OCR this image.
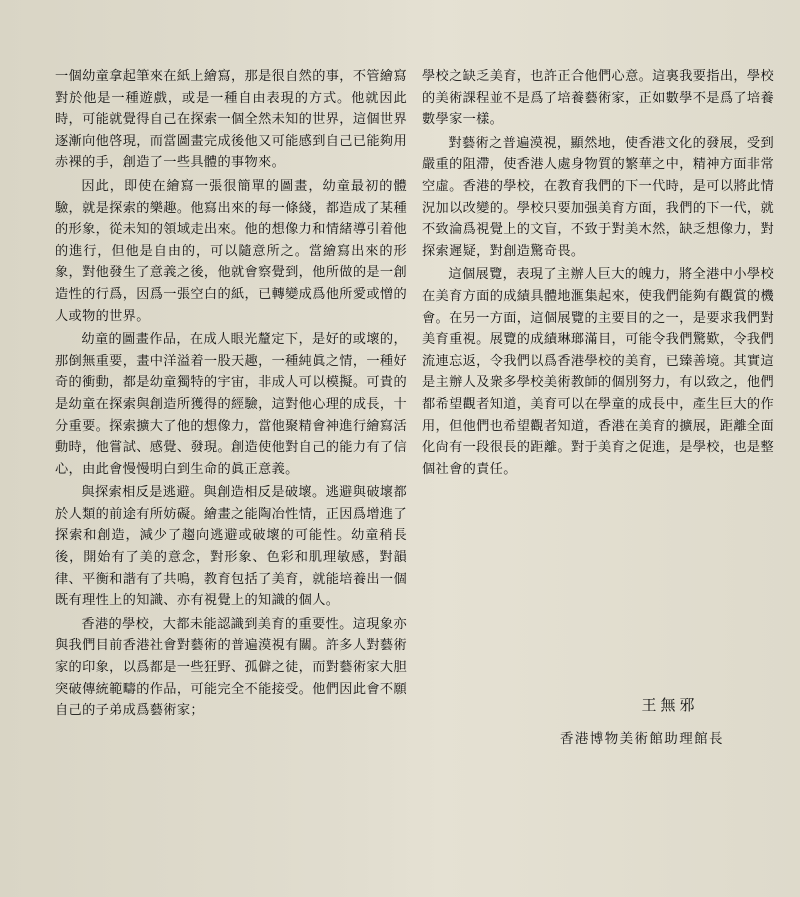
一個幼童拿起筆來在紙上繪寫，那是很自然的事，不管繪寫對於他是一種遊戲，或是一種自由表現的方式。他就因此時，可能就覺得自己在探索一個全然未知的世界，這個世界逐漸向他啓現，而當圖畫完成後他又可能感到自己已能夠用赤裸的手，創造了一些具體的事物來。

因此，即使在繪寫一張很簡單的圖畫，幼童最初的體驗，就是探索的樂趣。他寫出來的每一條綫，都造成了某種的形象，從未知的領域走出來。他的想像力和情緒導引着他的進行，但他是自由的，可以隨意所之。當繪寫出來的形象，對他發生了意義之後，他就會察覺到，他所做的是一創造性的行爲，因爲一張空白的紙，已轉變成爲他所愛或憎的人或物的世界。

幼童的圖畫作品，在成人眼光釐定下，是好的或壞的，那倒無重要，畫中洋溢着一股天趣，一種純眞之情，一種好奇的衝動，都是幼童獨特的宇宙，非成人可以模擬。可貴的是幼童在探索與創造所獲得的經驗，這對他心理的成長，十分重要。探索擴大了他的想像力，當他聚精會神進行繪寫活動時，他嘗試、感覺、發現。創造使他對自己的能力有了信心，由此會慢慢明白到生命的眞正意義。

與探索相反是逃避。與創造相反是破壞。逃避與破壞都於人類的前途有所妨礙。繪畫之能陶冶性情，正因爲增進了探索和創造，減少了趨向逃避或破壞的可能性。幼童稍長後，開始有了美的意念，對形象、色彩和肌理敏感，對韻律、平衡和諧有了共鳴，教育包括了美育，就能培養出一個既有理性上的知識、亦有視覺上的知識的個人。

香港的學校，大都未能認識到美育的重要性。這現象亦與我們目前香港社會對藝術的普遍漠視有關。許多人對藝術家的印象，以爲都是一些狂野、孤僻之徒，而對藝術家大胆突破傳統範疇的作品，可能完全不能接受。他們因此會不願自己的子弟成爲藝術家；

學校之缺乏美育，也許正合他們心意。這裏我要指出，學校的美術課程並不是爲了培養藝術家，正如數學不是爲了培養數學家一樣。

對藝術之普遍漠視，顯然地，使香港文化的發展，受到嚴重的阻滯，使香港人處身物質的繁華之中，精神方面非常空虛。香港的學校，在教育我們的下一代時，是可以將此情況加以改變的。學校只要加强美育方面，我們的下一代，就不致淪爲視覺上的文盲，不致于對美木然，缺乏想像力，對探索遲疑，對創造驚奇畏。

這個展覽，表現了主辦人巨大的魄力，將全港中小學校在美育方面的成績具體地滙集起來，使我們能夠有觀賞的機會。在另一方面，這個展覽的主要目的之一，是要求我們對美育重視。展覽的成績琳瑯滿目，可能令我們驚歎，令我們流連忘返，令我們以爲香港學校的美育，已臻善境。其實這是主辦人及衆多學校美術教師的個別努力，有以致之，他們都希望觀者知道，美育可以在學童的成長中，產生巨大的作用，但他們也希望觀者知道，香港在美育的擴展，距離全面化尙有一段很長的距離。對于美育之促進，是學校，也是整個社會的責任。

王無邪

香港博物美術館助理館長
